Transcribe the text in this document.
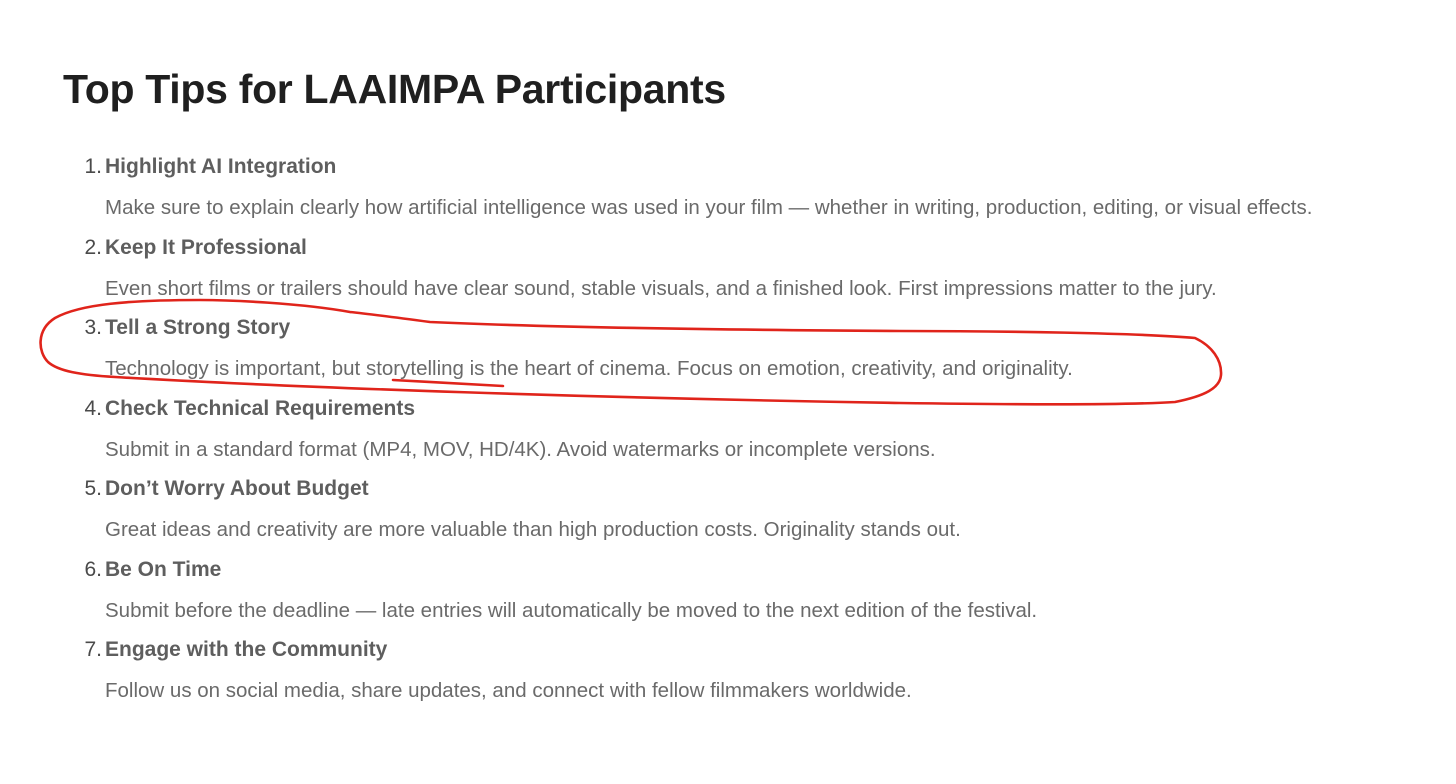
Top Tips for LAAIMPA Participants
1. Highlight AI Integration
Make sure to explain clearly how artificial intelligence was used in your film — whether in writing, production, editing, or visual effects.
2. Keep It Professional
Even short films or trailers should have clear sound, stable visuals, and a finished look. First impressions matter to the jury.
3. Tell a Strong Story
Technology is important, but storytelling is the heart of cinema. Focus on emotion, creativity, and originality.
4. Check Technical Requirements
Submit in a standard format (MP4, MOV, HD/4K). Avoid watermarks or incomplete versions.
5. Don’t Worry About Budget
Great ideas and creativity are more valuable than high production costs. Originality stands out.
6. Be On Time
Submit before the deadline — late entries will automatically be moved to the next edition of the festival.
7. Engage with the Community
Follow us on social media, share updates, and connect with fellow filmmakers worldwide.
